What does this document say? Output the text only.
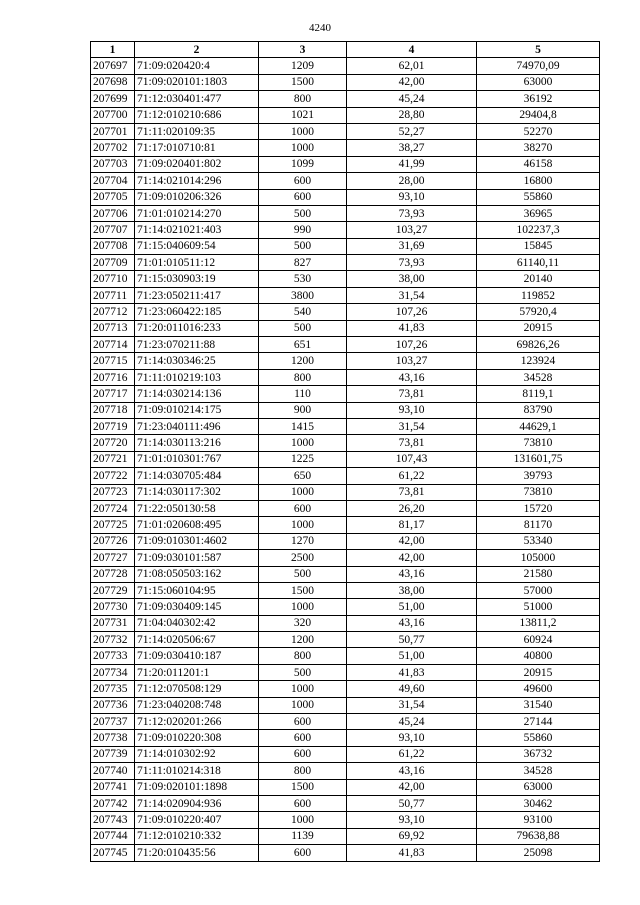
4240
1	2	3	4	5
207697	71:09:020420:4	1209	62,01	74970,09
207698	71:09:020101:1803	1500	42,00	63000
207699	71:12:030401:477	800	45,24	36192
207700	71:12:010210:686	1021	28,80	29404,8
207701	71:11:020109:35	1000	52,27	52270
207702	71:17:010710:81	1000	38,27	38270
207703	71:09:020401:802	1099	41,99	46158
207704	71:14:021014:296	600	28,00	16800
207705	71:09:010206:326	600	93,10	55860
207706	71:01:010214:270	500	73,93	36965
207707	71:14:021021:403	990	103,27	102237,3
207708	71:15:040609:54	500	31,69	15845
207709	71:01:010511:12	827	73,93	61140,11
207710	71:15:030903:19	530	38,00	20140
207711	71:23:050211:417	3800	31,54	119852
207712	71:23:060422:185	540	107,26	57920,4
207713	71:20:011016:233	500	41,83	20915
207714	71:23:070211:88	651	107,26	69826,26
207715	71:14:030346:25	1200	103,27	123924
207716	71:11:010219:103	800	43,16	34528
207717	71:14:030214:136	110	73,81	8119,1
207718	71:09:010214:175	900	93,10	83790
207719	71:23:040111:496	1415	31,54	44629,1
207720	71:14:030113:216	1000	73,81	73810
207721	71:01:010301:767	1225	107,43	131601,75
207722	71:14:030705:484	650	61,22	39793
207723	71:14:030117:302	1000	73,81	73810
207724	71:22:050130:58	600	26,20	15720
207725	71:01:020608:495	1000	81,17	81170
207726	71:09:010301:4602	1270	42,00	53340
207727	71:09:030101:587	2500	42,00	105000
207728	71:08:050503:162	500	43,16	21580
207729	71:15:060104:95	1500	38,00	57000
207730	71:09:030409:145	1000	51,00	51000
207731	71:04:040302:42	320	43,16	13811,2
207732	71:14:020506:67	1200	50,77	60924
207733	71:09:030410:187	800	51,00	40800
207734	71:20:011201:1	500	41,83	20915
207735	71:12:070508:129	1000	49,60	49600
207736	71:23:040208:748	1000	31,54	31540
207737	71:12:020201:266	600	45,24	27144
207738	71:09:010220:308	600	93,10	55860
207739	71:14:010302:92	600	61,22	36732
207740	71:11:010214:318	800	43,16	34528
207741	71:09:020101:1898	1500	42,00	63000
207742	71:14:020904:936	600	50,77	30462
207743	71:09:010220:407	1000	93,10	93100
207744	71:12:010210:332	1139	69,92	79638,88
207745	71:20:010435:56	600	41,83	25098
